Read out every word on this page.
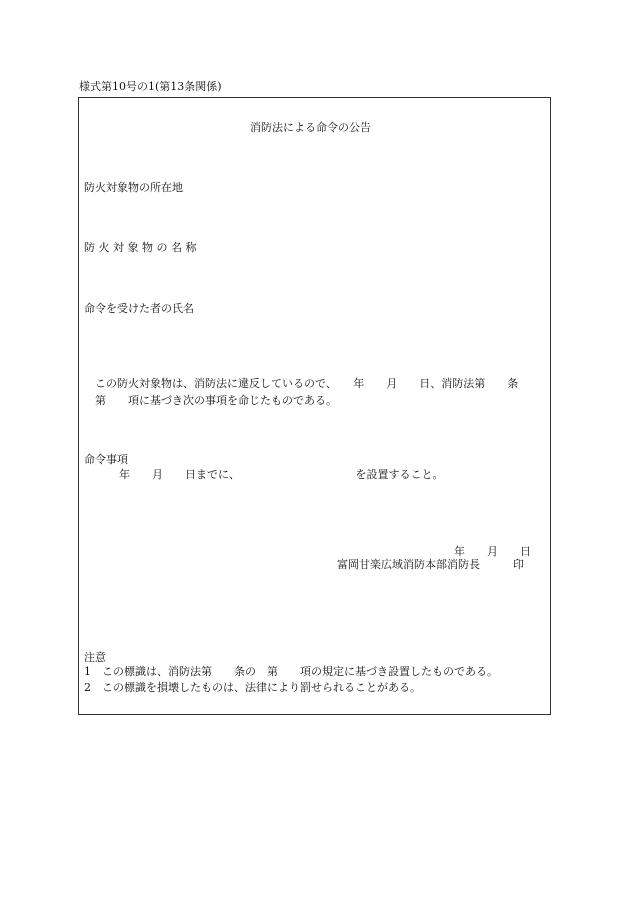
様式第10号の1(第13条関係)
消防法による命令の公告
防火対象物の所在地
防 火 対 象 物 の 名 称
命令を受けた者の氏名
この防火対象物は、消防法に違反しているので、　　年　　月　　日、消防法第　　条
第　　項に基づき次の事項を命じたものである。
命令事項
年　　月　　日までに、　　　　　　　　　　　を設置すること。
年　　月　　日
富岡甘楽広域消防本部消防長　　　印
注意
1　この標識は、消防法第　　条の　第　　項の規定に基づき設置したものである。
2　この標識を損壊したものは、法律により罰せられることがある。
